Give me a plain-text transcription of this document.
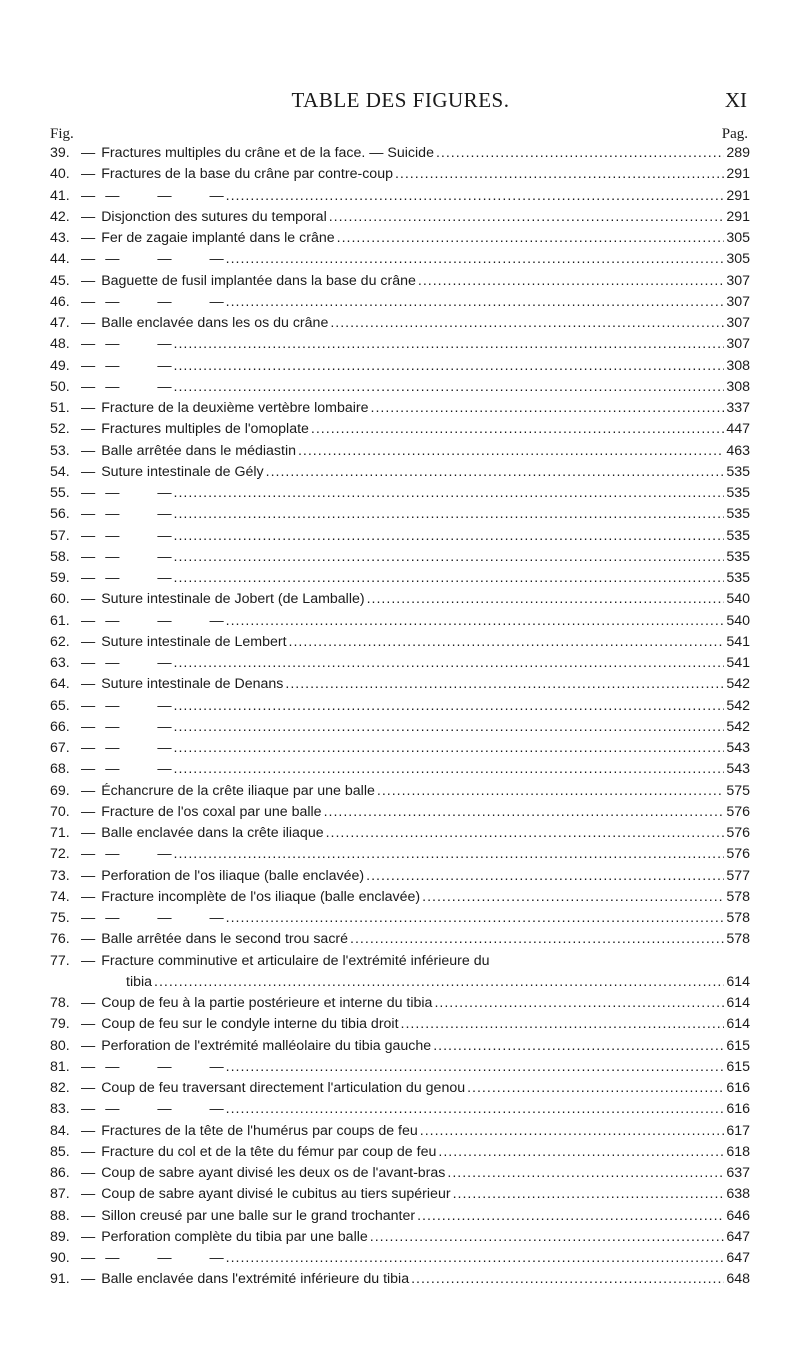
TABLE DES FIGURES.	XI
Fig.	Pag.
39. — Fractures multiples du crâne et de la face. — Suicide .....	289
40. — Fractures de la base du crâne par contre-coup .....	291
41. — — — — .....	291
42. — Disjonction des sutures du temporal .....	291
43. — Fer de zagaie implanté dans le crâne .....	305
44. — — — — .....	305
45. — Baguette de fusil implantée dans la base du crâne .....	307
46. — — — — .....	307
47. — Balle enclavée dans les os du crâne .....	307
48. — — — .....	307
49. — — — .....	308
50. — — — .....	308
51. — Fracture de la deuxième vertèbre lombaire .....	337
52. — Fractures multiples de l'omoplate .....	447
53. — Balle arrêtée dans le médiastin .....	463
54. — Suture intestinale de Gély .....	535
55. — — — .....	535
56. — — — .....	535
57. — — — .....	535
58. — — — .....	535
59. — — — .....	535
60. — Suture intestinale de Jobert (de Lamballe) .....	540
61. — — — — .....	540
62. — Suture intestinale de Lembert .....	541
63. — — — .....	541
64. — Suture intestinale de Denans .....	542
65. — — — .....	542
66. — — — .....	542
67. — — — .....	543
68. — — — .....	543
69. — Échancrure de la crête iliaque par une balle .....	575
70. — Fracture de l'os coxal par une balle .....	576
71. — Balle enclavée dans la crête iliaque .....	576
72. — — — .....	576
73. — Perforation de l'os iliaque (balle enclavée) .....	577
74. — Fracture incomplète de l'os iliaque (balle enclavée) .....	578
75. — — — — .....	578
76. — Balle arrêtée dans le second trou sacré .....	578
77. — Fracture comminutive et articulaire de l'extrémité inférieure du
tibia .....	614
78. — Coup de feu à la partie postérieure et interne du tibia .....	614
79. — Coup de feu sur le condyle interne du tibia droit .....	614
80. — Perforation de l'extrémité malléolaire du tibia gauche .....	615
81. — — — — .....	615
82. — Coup de feu traversant directement l'articulation du genou .....	616
83. — — — — .....	616
84. — Fractures de la tête de l'humérus par coups de feu .....	617
85. — Fracture du col et de la tête du fémur par coup de feu .....	618
86. — Coup de sabre ayant divisé les deux os de l'avant-bras .....	637
87. — Coup de sabre ayant divisé le cubitus au tiers supérieur .....	638
88. — Sillon creusé par une balle sur le grand trochanter .....	646
89. — Perforation complète du tibia par une balle .....	647
90. — — — — .....	647
91. — Balle enclavée dans l'extrémité inférieure du tibia .....	648
